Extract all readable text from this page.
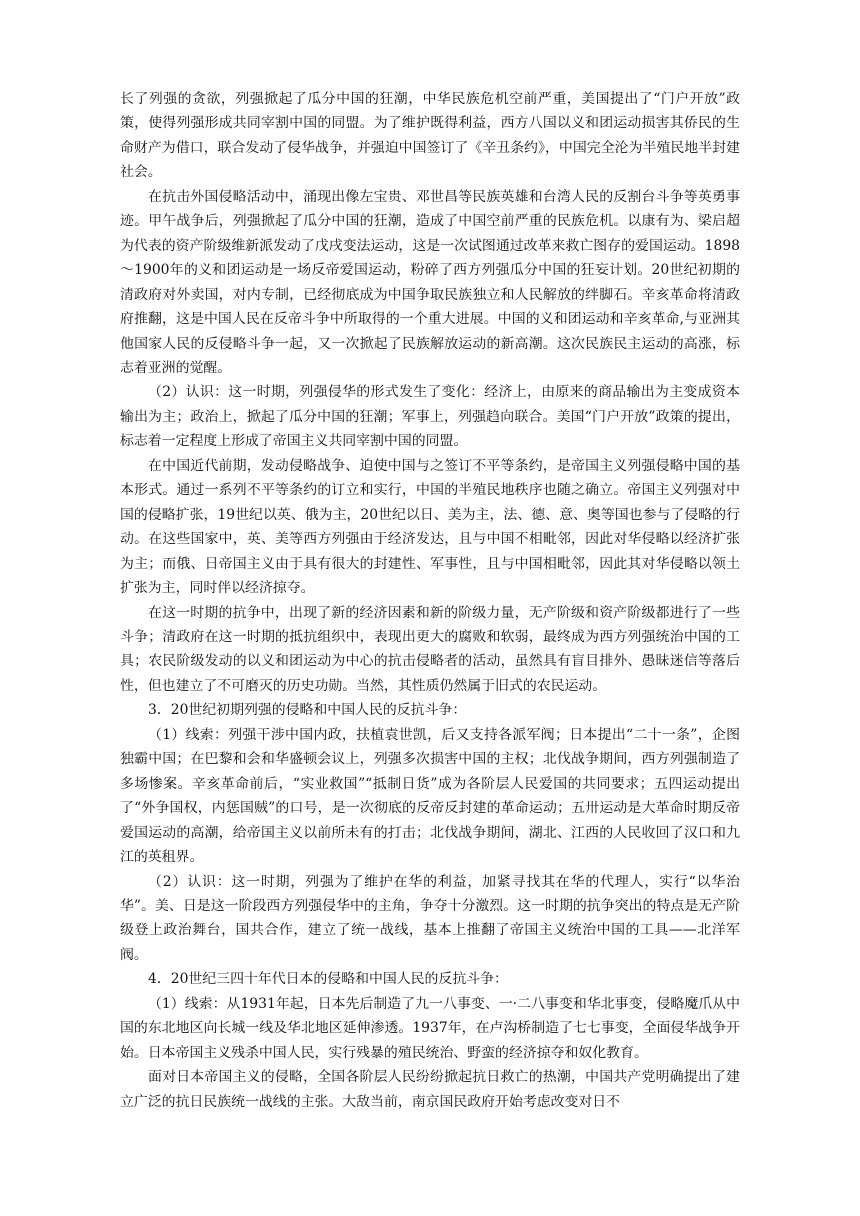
长了列强的贪欲，列强掀起了瓜分中国的狂潮，中华民族危机空前严重，美国提出了“门户开放”政策，使得列强形成共同宰割中国的同盟。为了维护既得利益，西方八国以义和团运动损害其侨民的生命财产为借口，联合发动了侵华战争，并强迫中国签订了《辛丑条约》，中国完全沦为半殖民地半封建社会。

在抗击外国侵略活动中，涌现出像左宝贵、邓世昌等民族英雄和台湾人民的反割台斗争等英勇事迹。甲午战争后，列强掀起了瓜分中国的狂潮，造成了中国空前严重的民族危机。以康有为、梁启超为代表的资产阶级维新派发动了戊戌变法运动，这是一次试图通过改革来救亡图存的爱国运动。1898～1900年的义和团运动是一场反帝爱国运动，粉碎了西方列强瓜分中国的狂妄计划。20世纪初期的清政府对外卖国，对内专制，已经彻底成为中国争取民族独立和人民解放的绊脚石。辛亥革命将清政府推翻，这是中国人民在反帝斗争中所取得的一个重大进展。中国的义和团运动和辛亥革命,与亚洲其他国家人民的反侵略斗争一起，又一次掀起了民族解放运动的新高潮。这次民族民主运动的高涨，标志着亚洲的觉醒。

（2）认识：这一时期，列强侵华的形式发生了变化：经济上，由原来的商品输出为主变成资本输出为主；政治上，掀起了瓜分中国的狂潮；军事上，列强趋向联合。美国“门户开放”政策的提出，标志着一定程度上形成了帝国主义共同宰割中国的同盟。

在中国近代前期，发动侵略战争、迫使中国与之签订不平等条约，是帝国主义列强侵略中国的基本形式。通过一系列不平等条约的订立和实行，中国的半殖民地秩序也随之确立。帝国主义列强对中国的侵略扩张，19世纪以英、俄为主，20世纪以日、美为主，法、德、意、奥等国也参与了侵略的行动。在这些国家中，英、美等西方列强由于经济发达，且与中国不相毗邻，因此对华侵略以经济扩张为主；而俄、日帝国主义由于具有很大的封建性、军事性，且与中国相毗邻，因此其对华侵略以领土扩张为主，同时伴以经济掠夺。

在这一时期的抗争中，出现了新的经济因素和新的阶级力量，无产阶级和资产阶级都进行了一些斗争；清政府在这一时期的抵抗组织中，表现出更大的腐败和软弱，最终成为西方列强统治中国的工具；农民阶级发动的以义和团运动为中心的抗击侵略者的活动，虽然具有盲目排外、愚昧迷信等落后性，但也建立了不可磨灭的历史功勋。当然，其性质仍然属于旧式的农民运动。

3．20世纪初期列强的侵略和中国人民的反抗斗争：

（1）线索：列强干涉中国内政，扶植袁世凯，后又支持各派军阀；日本提出“二十一条”，企图独霸中国；在巴黎和会和华盛顿会议上，列强多次损害中国的主权；北伐战争期间，西方列强制造了多场惨案。辛亥革命前后，“实业救国”“抵制日货”成为各阶层人民爱国的共同要求；五四运动提出了“外争国权，内惩国贼”的口号，是一次彻底的反帝反封建的革命运动；五卅运动是大革命时期反帝爱国运动的高潮，给帝国主义以前所未有的打击；北伐战争期间，湖北、江西的人民收回了汉口和九江的英租界。

（2）认识：这一时期，列强为了维护在华的利益，加紧寻找其在华的代理人，实行“以华治华”。美、日是这一阶段西方列强侵华中的主角，争夺十分激烈。这一时期的抗争突出的特点是无产阶级登上政治舞台，国共合作，建立了统一战线，基本上推翻了帝国主义统治中国的工具——北洋军阀。

4．20世纪三四十年代日本的侵略和中国人民的反抗斗争：

（1）线索：从1931年起，日本先后制造了九一八事变、一·二八事变和华北事变，侵略魔爪从中国的东北地区向长城一线及华北地区延伸渗透。1937年，在卢沟桥制造了七七事变，全面侵华战争开始。日本帝国主义残杀中国人民，实行残暴的殖民统治、野蛮的经济掠夺和奴化教育。

面对日本帝国主义的侵略，全国各阶层人民纷纷掀起抗日救亡的热潮，中国共产党明确提出了建立广泛的抗日民族统一战线的主张。大敌当前，南京国民政府开始考虑改变对日不
